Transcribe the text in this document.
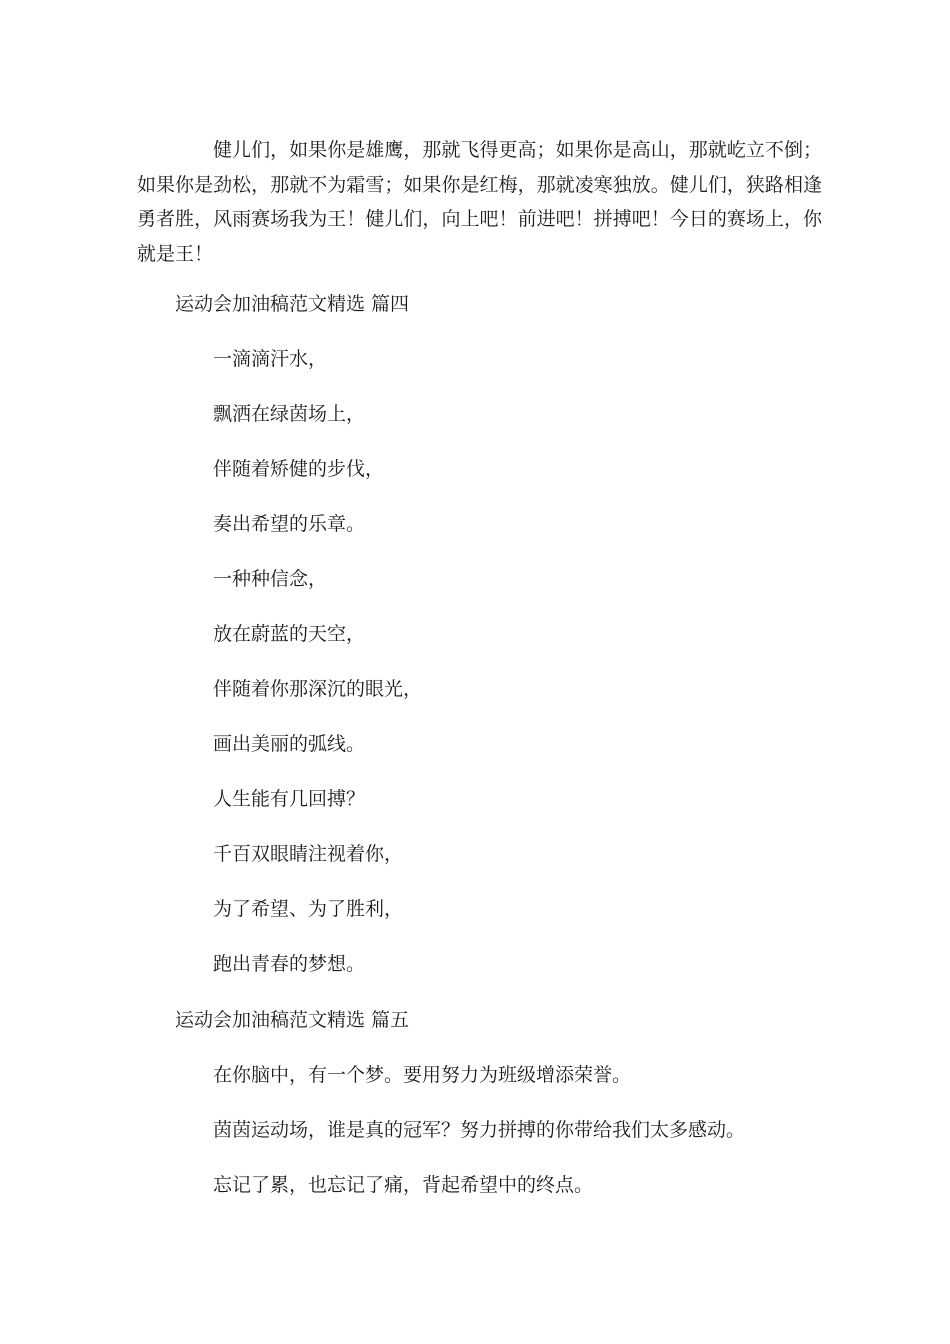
健儿们，如果你是雄鹰，那就飞得更高；如果你是高山，那就屹立不倒；如果你是劲松，那就不为霜雪；如果你是红梅，那就凌寒独放。健儿们，狭路相逢勇者胜，风雨赛场我为王！健儿们，向上吧！前进吧！拼搏吧！今日的赛场上，你就是王！

运动会加油稿范文精选 篇四

一滴滴汗水，

飘洒在绿茵场上，

伴随着矫健的步伐，

奏出希望的乐章。

一种种信念，

放在蔚蓝的天空，

伴随着你那深沉的眼光，

画出美丽的弧线。

人生能有几回搏？

千百双眼睛注视着你，

为了希望、为了胜利，

跑出青春的梦想。

运动会加油稿范文精选 篇五

在你脑中，有一个梦。要用努力为班级增添荣誉。

茵茵运动场，谁是真的冠军？努力拼搏的你带给我们太多感动。

忘记了累，也忘记了痛，背起希望中的终点。
